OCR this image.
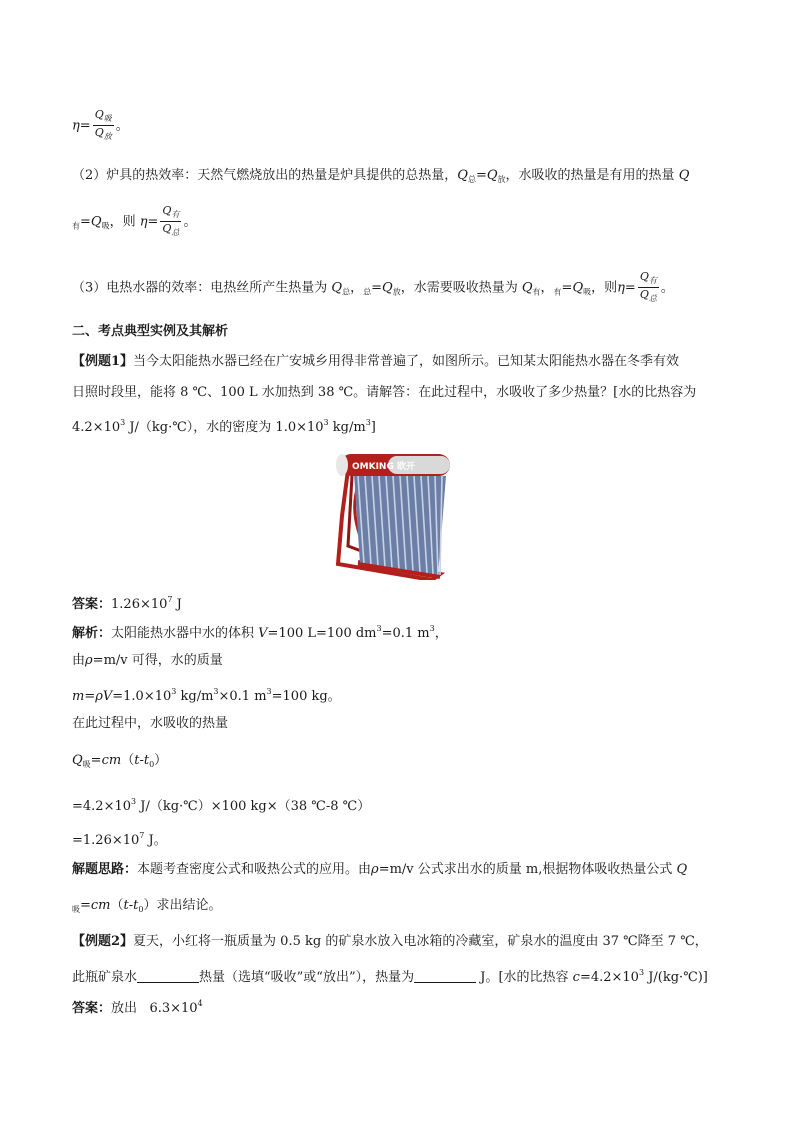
$\eta= \frac{Q_吸}{Q_放}$ 。
（2）炉具的热效率：天然气燃烧放出的热量是炉具提供的总热量，$Q_总=Q_放$，水吸收的热量是有用的热量 Q
$_有=Q_吸$，则 $\eta= \frac{Q_有}{Q_总}$ 。
（3）电热水器的效率：电热丝所产生热量为 $Q_总$，$_总=Q_放$，水需要吸收热量为 $Q_有$，$_有=Q_吸$，则$\eta= \frac{Q_有}{Q_总}$ 。
二、考点典型实例及其解析
【例题1】当今太阳能热水器已经在广安城乡用得非常普遍了，如图所示。已知某太阳能热水器在冬季有效
日照时段里，能将 8 ℃、100 L 水加热到 38 ℃。请解答：在此过程中，水吸收了多少热量？[水的比热容为
$4.2\times 10^3$ J/（kg·℃），水的密度为 $1.0\times 10^3$ $kg/m^3$]
OMKING 欧开
答案：$1.26\times 10^7$ J
解析：太阳能热水器中水的体积 V=100 L=100 $dm^3=0.1$ $m^3$，
由ρ=m/v 可得，水的质量
$m=\rho V=1.0\times 10^3$ $kg/m^3\times 0.1$ $m^3=100$ kg。
在此过程中，水吸收的热量
$Q_吸=cm(t-t_0)$
$=4.2\times 10^3$ J/（kg·℃）×100 kg×（38 ℃-8 ℃）
$=1.26\times 10^7$ J。
解题思路：本题考查密度公式和吸热公式的应用。由ρ=m/v 公式求出水的质量 m,根据物体吸收热量公式 Q
$_吸=cm(t-t_0)$求出结论。
【例题2】夏天，小红将一瓶质量为 0.5 kg 的矿泉水放入电冰箱的冷藏室，矿泉水的温度由 37 ℃降至 7 ℃，
此瓶矿泉水	热量（选填“吸收”或“放出”），热量为	J。[水的比热容 $c=4.2\times 10^3$ J/(kg·℃)]
答案：放出 $6.3\times 10^4$
